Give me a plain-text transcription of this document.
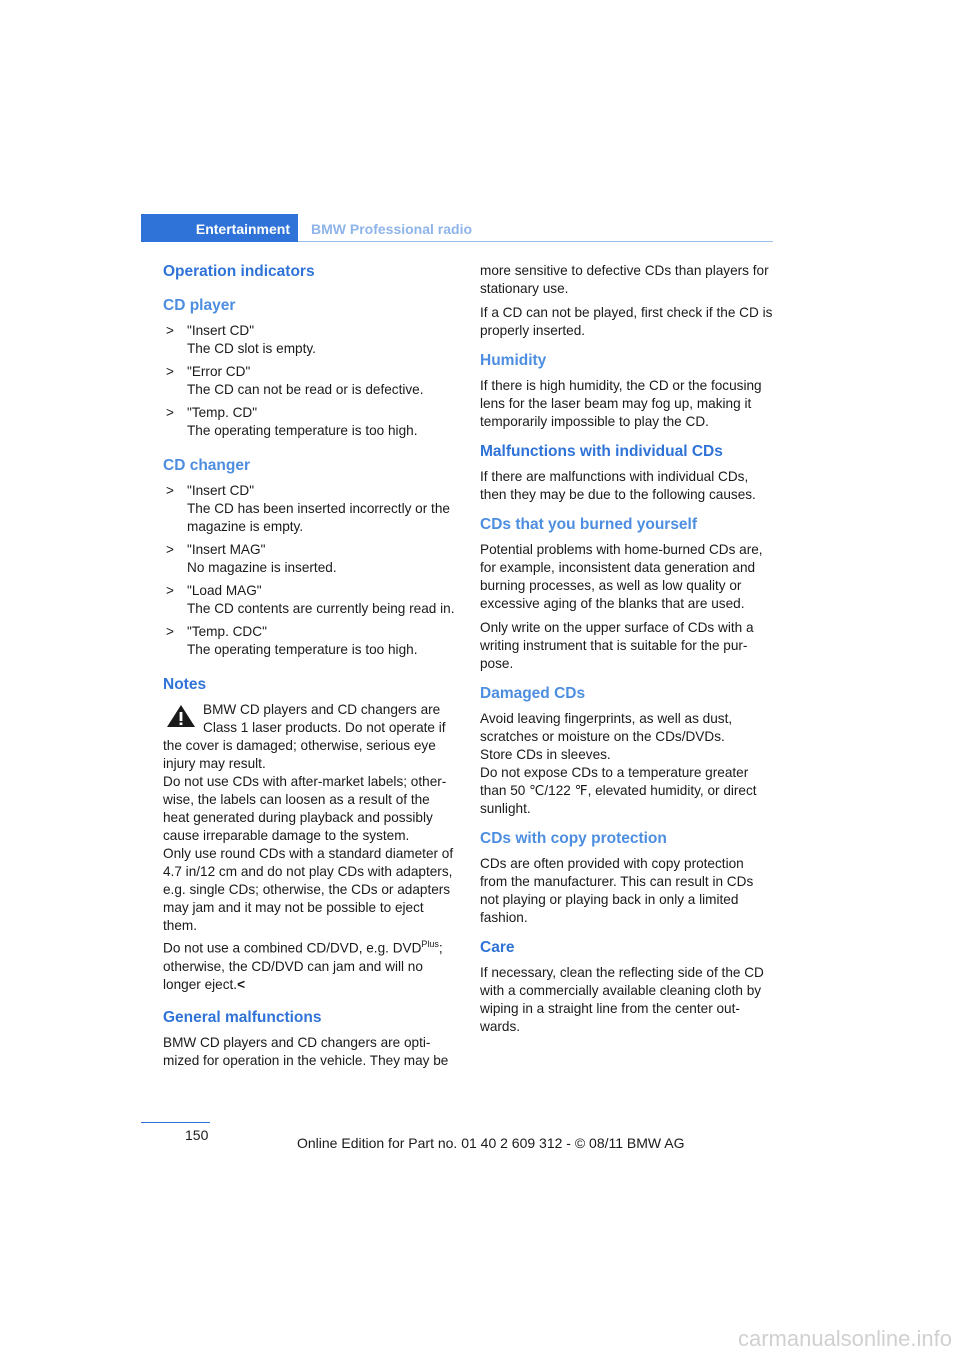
Entertainment	BMW Professional radio
Operation indicators
CD player
> "Insert CD"

The CD slot is empty.

> "Error CD"

The CD can not be read or is defective.

> "Temp. CD"

The operating temperature is too high.

CD changer
> "Insert CD"

The CD has been inserted incorrectly or the magazine is empty.

> "Insert MAG"

No magazine is inserted.

> "Load MAG"

The CD contents are currently being read in.

> "Temp. CDC"

The operating temperature is too high.

Notes

BMW CD players and CD changers are Class 1 laser products. Do not operate if the cover is damaged; otherwise, serious eye injury may result.

Do not use CDs with after-market labels; other-wise, the labels can loosen as a result of the heat generated during playback and possibly cause irreparable damage to the system.

Only use round CDs with a standard diameter of 4.7 in/12 cm and do not play CDs with adapters, e.g. single CDs; otherwise, the CDs or adapters may jam and it may not be possible to eject them.

Do not use a combined CD/DVD, e.g. $DVD^{Plus}$; otherwise, the CD/DVD can jam and will no longer eject.<

General malfunctions

BMW CD players and CD changers are opti-mized for operation in the vehicle. They may be

more sensitive to defective CDs than players for stationary use.

If a CD can not be played, first check if the CD is properly inserted.

Humidity

If there is high humidity, the CD or the focusing lens for the laser beam may fog up, making it temporarily impossible to play the CD.

Malfunctions with individual CDs

If there are malfunctions with individual CDs, then they may be due to the following causes.

CDs that you burned yourself

Potential problems with home-burned CDs are, for example, inconsistent data generation and burning processes, as well as low quality or excessive aging of the blanks that are used.

Only write on the upper surface of CDs with a writing instrument that is suitable for the pur-pose.

Damaged CDs

Avoid leaving fingerprints, as well as dust, scratches or moisture on the CDs/DVDs.

Store CDs in sleeves.

Do not expose CDs to a temperature greater than 50 ℃/122 ℉, elevated humidity, or direct sunlight.

CDs with copy protection

CDs are often provided with copy protection from the manufacturer. This can result in CDs not playing or playing back in only a limited fashion.

Care

If necessary, clean the reflecting side of the CD with a commercially available cleaning cloth by wiping in a straight line from the center out-wards.

150	Online Edition for Part no. 01 40 2 609 312 - © 08/11 BMW AG
carmanualsonline.info
